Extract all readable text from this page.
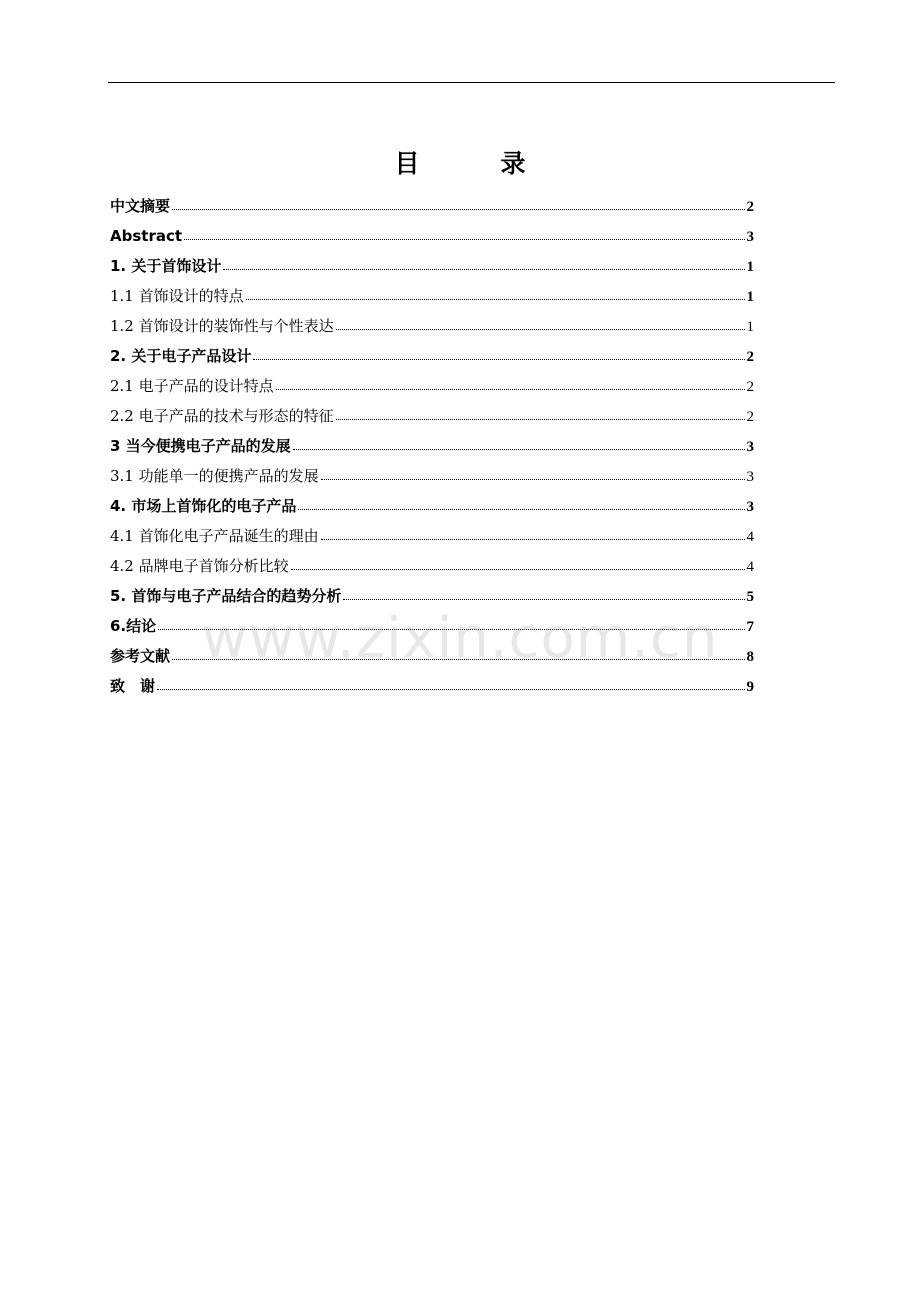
目　录
中文摘要	2
Abstract	3
1. 关于首饰设计	1
1.1 首饰设计的特点	1
1.2 首饰设计的装饰性与个性表达	1
2. 关于电子产品设计	2
2.1 电子产品的设计特点	2
2.2 电子产品的技术与形态的特征	2
3 当今便携电子产品的发展	3
3.1 功能单一的便携产品的发展	3
4. 市场上首饰化的电子产品	3
4.1 首饰化电子产品诞生的理由	4
4.2 品牌电子首饰分析比较	4
5. 首饰与电子产品结合的趋势分析	5
6.结论	7
参考文献	8
致　谢	9
www.zixin.com.cn
